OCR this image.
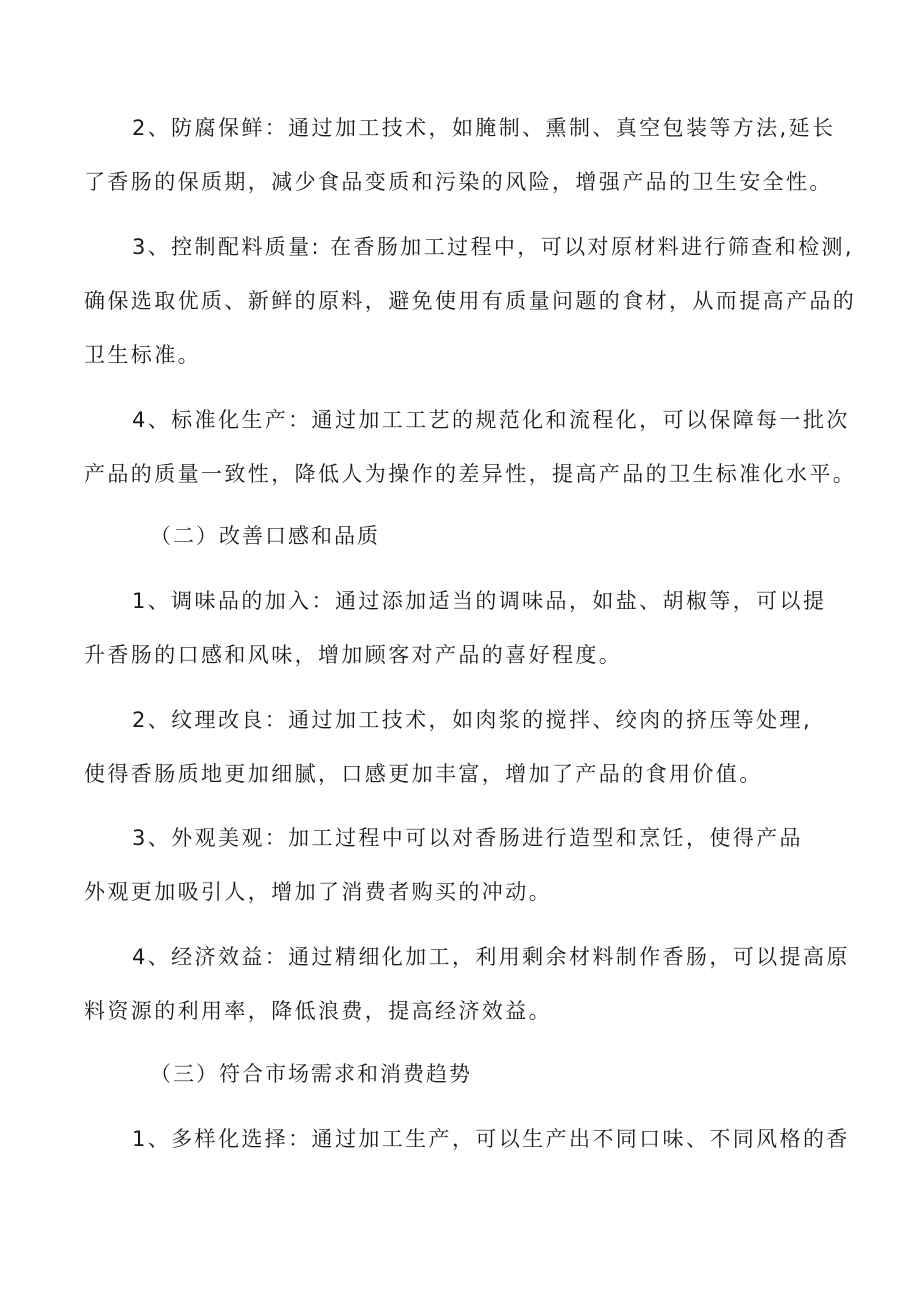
2、防腐保鲜：通过加工技术，如腌制、熏制、真空包装等方法,延长
了香肠的保质期，减少食品变质和污染的风险，增强产品的卫生安全性。
3、控制配料质量: 在香肠加工过程中，可以对原材料进行筛查和检测,
确保选取优质、新鲜的原料，避免使用有质量问题的食材，从而提高产品的
卫生标准。
4、标准化生产：通过加工工艺的规范化和流程化，可以保障每一批次
产品的质量一致性，降低人为操作的差异性，提高产品的卫生标准化水平。
（二）改善口感和品质
1、调味品的加入：通过添加适当的调味品，如盐、胡椒等，可以提
升香肠的口感和风味，增加顾客对产品的喜好程度。
2、纹理改良：通过加工技术，如肉浆的搅拌、绞肉的挤压等处理,
使得香肠质地更加细腻，口感更加丰富，增加了产品的食用价值。
3、外观美观：加工过程中可以对香肠进行造型和烹饪，使得产品
外观更加吸引人，增加了消费者购买的冲动。
4、经济效益：通过精细化加工，利用剩余材料制作香肠，可以提高原
料资源的利用率，降低浪费，提高经济效益。
（三）符合市场需求和消费趋势
1、多样化选择：通过加工生产，可以生产出不同口味、不同风格的香
